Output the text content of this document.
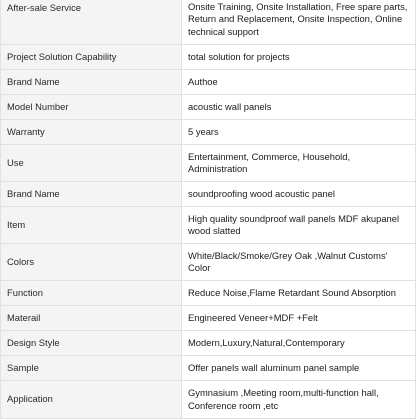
After-sale Service	Onsite Training, Onsite Installation, Free spare parts, Return and Replacement, Onsite Inspection, Online technical support
Project Solution Capability	total solution for projects
Brand Name	Authoe
Model Number	acoustic wall panels
Warranty	5 years
Use	Entertainment, Commerce, Household, Administration
Brand Name	soundproofing wood acoustic panel
Item	High quality soundproof wall panels MDF akupanel wood slatted
Colors	White/Black/Smoke/Grey Oak ,Walnut Customs' Color
Function	Reduce Noise,Flame Retardant Sound Absorption
Materail	Engineered Veneer+MDF +Felt
Design Style	Modern,Luxury,Natural,Contemporary
Sample	Offer panels wall aluminum panel sample
Application	Gymnasium ,Meeting room,multi-function hall, Conference room ,etc
